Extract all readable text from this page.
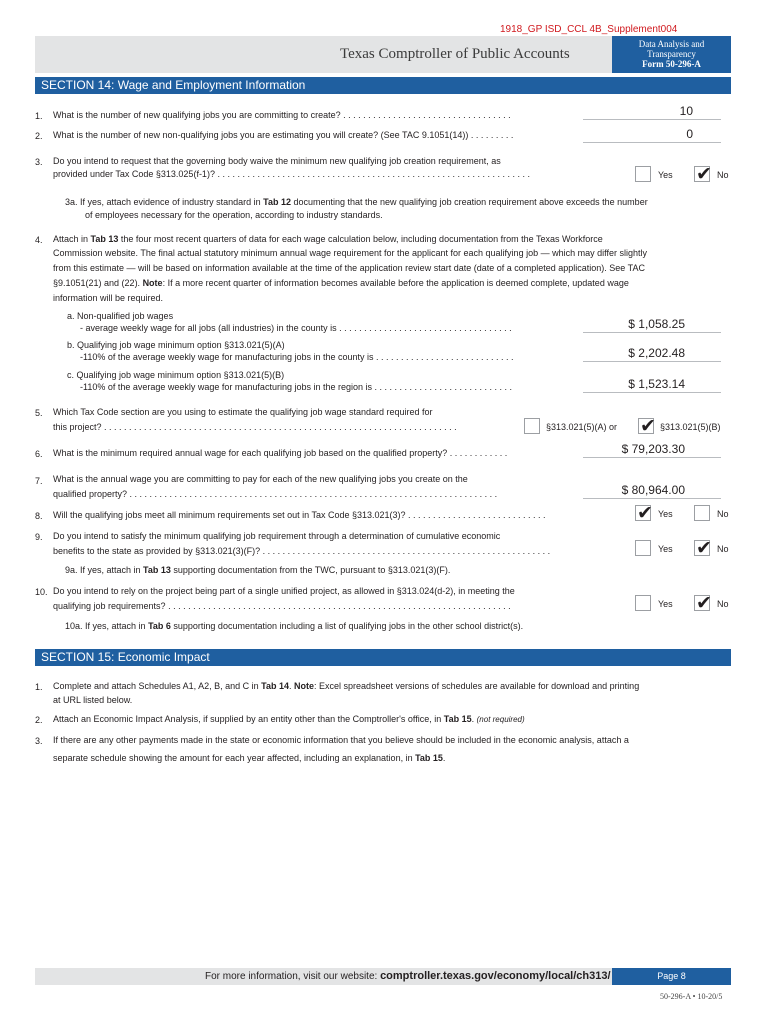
1918_GP ISD_CCL 4B_Supplement004
Texas Comptroller of Public Accounts
Data Analysis and
Transparency
Form 50-296-A
SECTION 14: Wage and Employment Information
1. What is the number of new qualifying jobs you are committing to create? . . . . . . . . . . . . . . . . . . . . . . . . . . . . . . . . . .	10
2. What is the number of new non-qualifying jobs you are estimating you will create? (See TAC 9.1051(14)) . . . . . . . . .	0
3. Do you intend to request that the governing body waive the minimum new qualifying job creation requirement, as
provided under Tax Code §313.025(f-1)? . . . . . . . . . . . . . . . . . . . . . . . . . . . . . . . . . . . . . . . . . . . . . . . . . . . . . . . . . . . . . . .	Yes ✔ No
3a. If yes, attach evidence of industry standard in Tab 12 documenting that the new qualifying job creation requirement above exceeds the number
of employees necessary for the operation, according to industry standards.
4. Attach in Tab 13 the four most recent quarters of data for each wage calculation below, including documentation from the Texas Workforce
Commission website. The final actual statutory minimum annual wage requirement for the applicant for each qualifying job — which may differ slightly
from this estimate — will be based on information available at the time of the application review start date (date of a completed application). See TAC
§9.1051(21) and (22). Note: If a more recent quarter of information becomes available before the application is deemed complete, updated wage
information will be required.
a. Non-qualified job wages
- average weekly wage for all jobs (all industries) in the county is . . . . . . . . . . . . . . . . . . . . . . . . . . . . . . . . . . .	$ 1,058.25
b. Qualifying job wage minimum option §313.021(5)(A)
-110% of the average weekly wage for manufacturing jobs in the county is . . . . . . . . . . . . . . . . . . . . . . . . . . . .	$ 2,202.48
c. Qualifying job wage minimum option §313.021(5)(B)
-110% of the average weekly wage for manufacturing jobs in the region is . . . . . . . . . . . . . . . . . . . . . . . . . . . .	$ 1,523.14
5. Which Tax Code section are you using to estimate the qualifying job wage standard required for
this project? . . . . . . . . . . . . . . . . . . . . . . . . . . . . . . . . . . . . . . . . . . . . . . . . . . . . . . . . . . . . . . . . . . . . . . .	§313.021(5)(A) or ✔ §313.021(5)(B)
6. What is the minimum required annual wage for each qualifying job based on the qualified property? . . . . . . . . . . . .	$ 79,203.30
7. What is the annual wage you are committing to pay for each of the new qualifying jobs you create on the
qualified property? . . . . . . . . . . . . . . . . . . . . . . . . . . . . . . . . . . . . . . . . . . . . . . . . . . . . . . . . . . . . . . . . . . . . . . . . . .	$ 80,964.00
8. Will the qualifying jobs meet all minimum requirements set out in Tax Code §313.021(3)? . . . . . . . . . . . . . . . . . . . . . . . . . . . .	✔ Yes	No
9. Do you intend to satisfy the minimum qualifying job requirement through a determination of cumulative economic
benefits to the state as provided by §313.021(3)(F)? . . . . . . . . . . . . . . . . . . . . . . . . . . . . . . . . . . . . . . . . . . . . . . . . . . . . . . . . . .	Yes ✔ No
9a. If yes, attach in Tab 13 supporting documentation from the TWC, pursuant to §313.021(3)(F).
10. Do you intend to rely on the project being part of a single unified project, as allowed in §313.024(d-2), in meeting the
qualifying job requirements? . . . . . . . . . . . . . . . . . . . . . . . . . . . . . . . . . . . . . . . . . . . . . . . . . . . . . . . . . . . . . . . . . . . . .	Yes ✔ No
10a. If yes, attach in Tab 6 supporting documentation including a list of qualifying jobs in the other school district(s).
SECTION 15: Economic Impact
1. Complete and attach Schedules A1, A2, B, and C in Tab 14. Note: Excel spreadsheet versions of schedules are available for download and printing
at URL listed below.
2. Attach an Economic Impact Analysis, if supplied by an entity other than the Comptroller's office, in Tab 15. (not required)
3. If there are any other payments made in the state or economic information that you believe should be included in the economic analysis, attach a
separate schedule showing the amount for each year affected, including an explanation, in Tab 15.
For more information, visit our website: comptroller.texas.gov/economy/local/ch313/	Page 8
50-296-A • 10-20/5
